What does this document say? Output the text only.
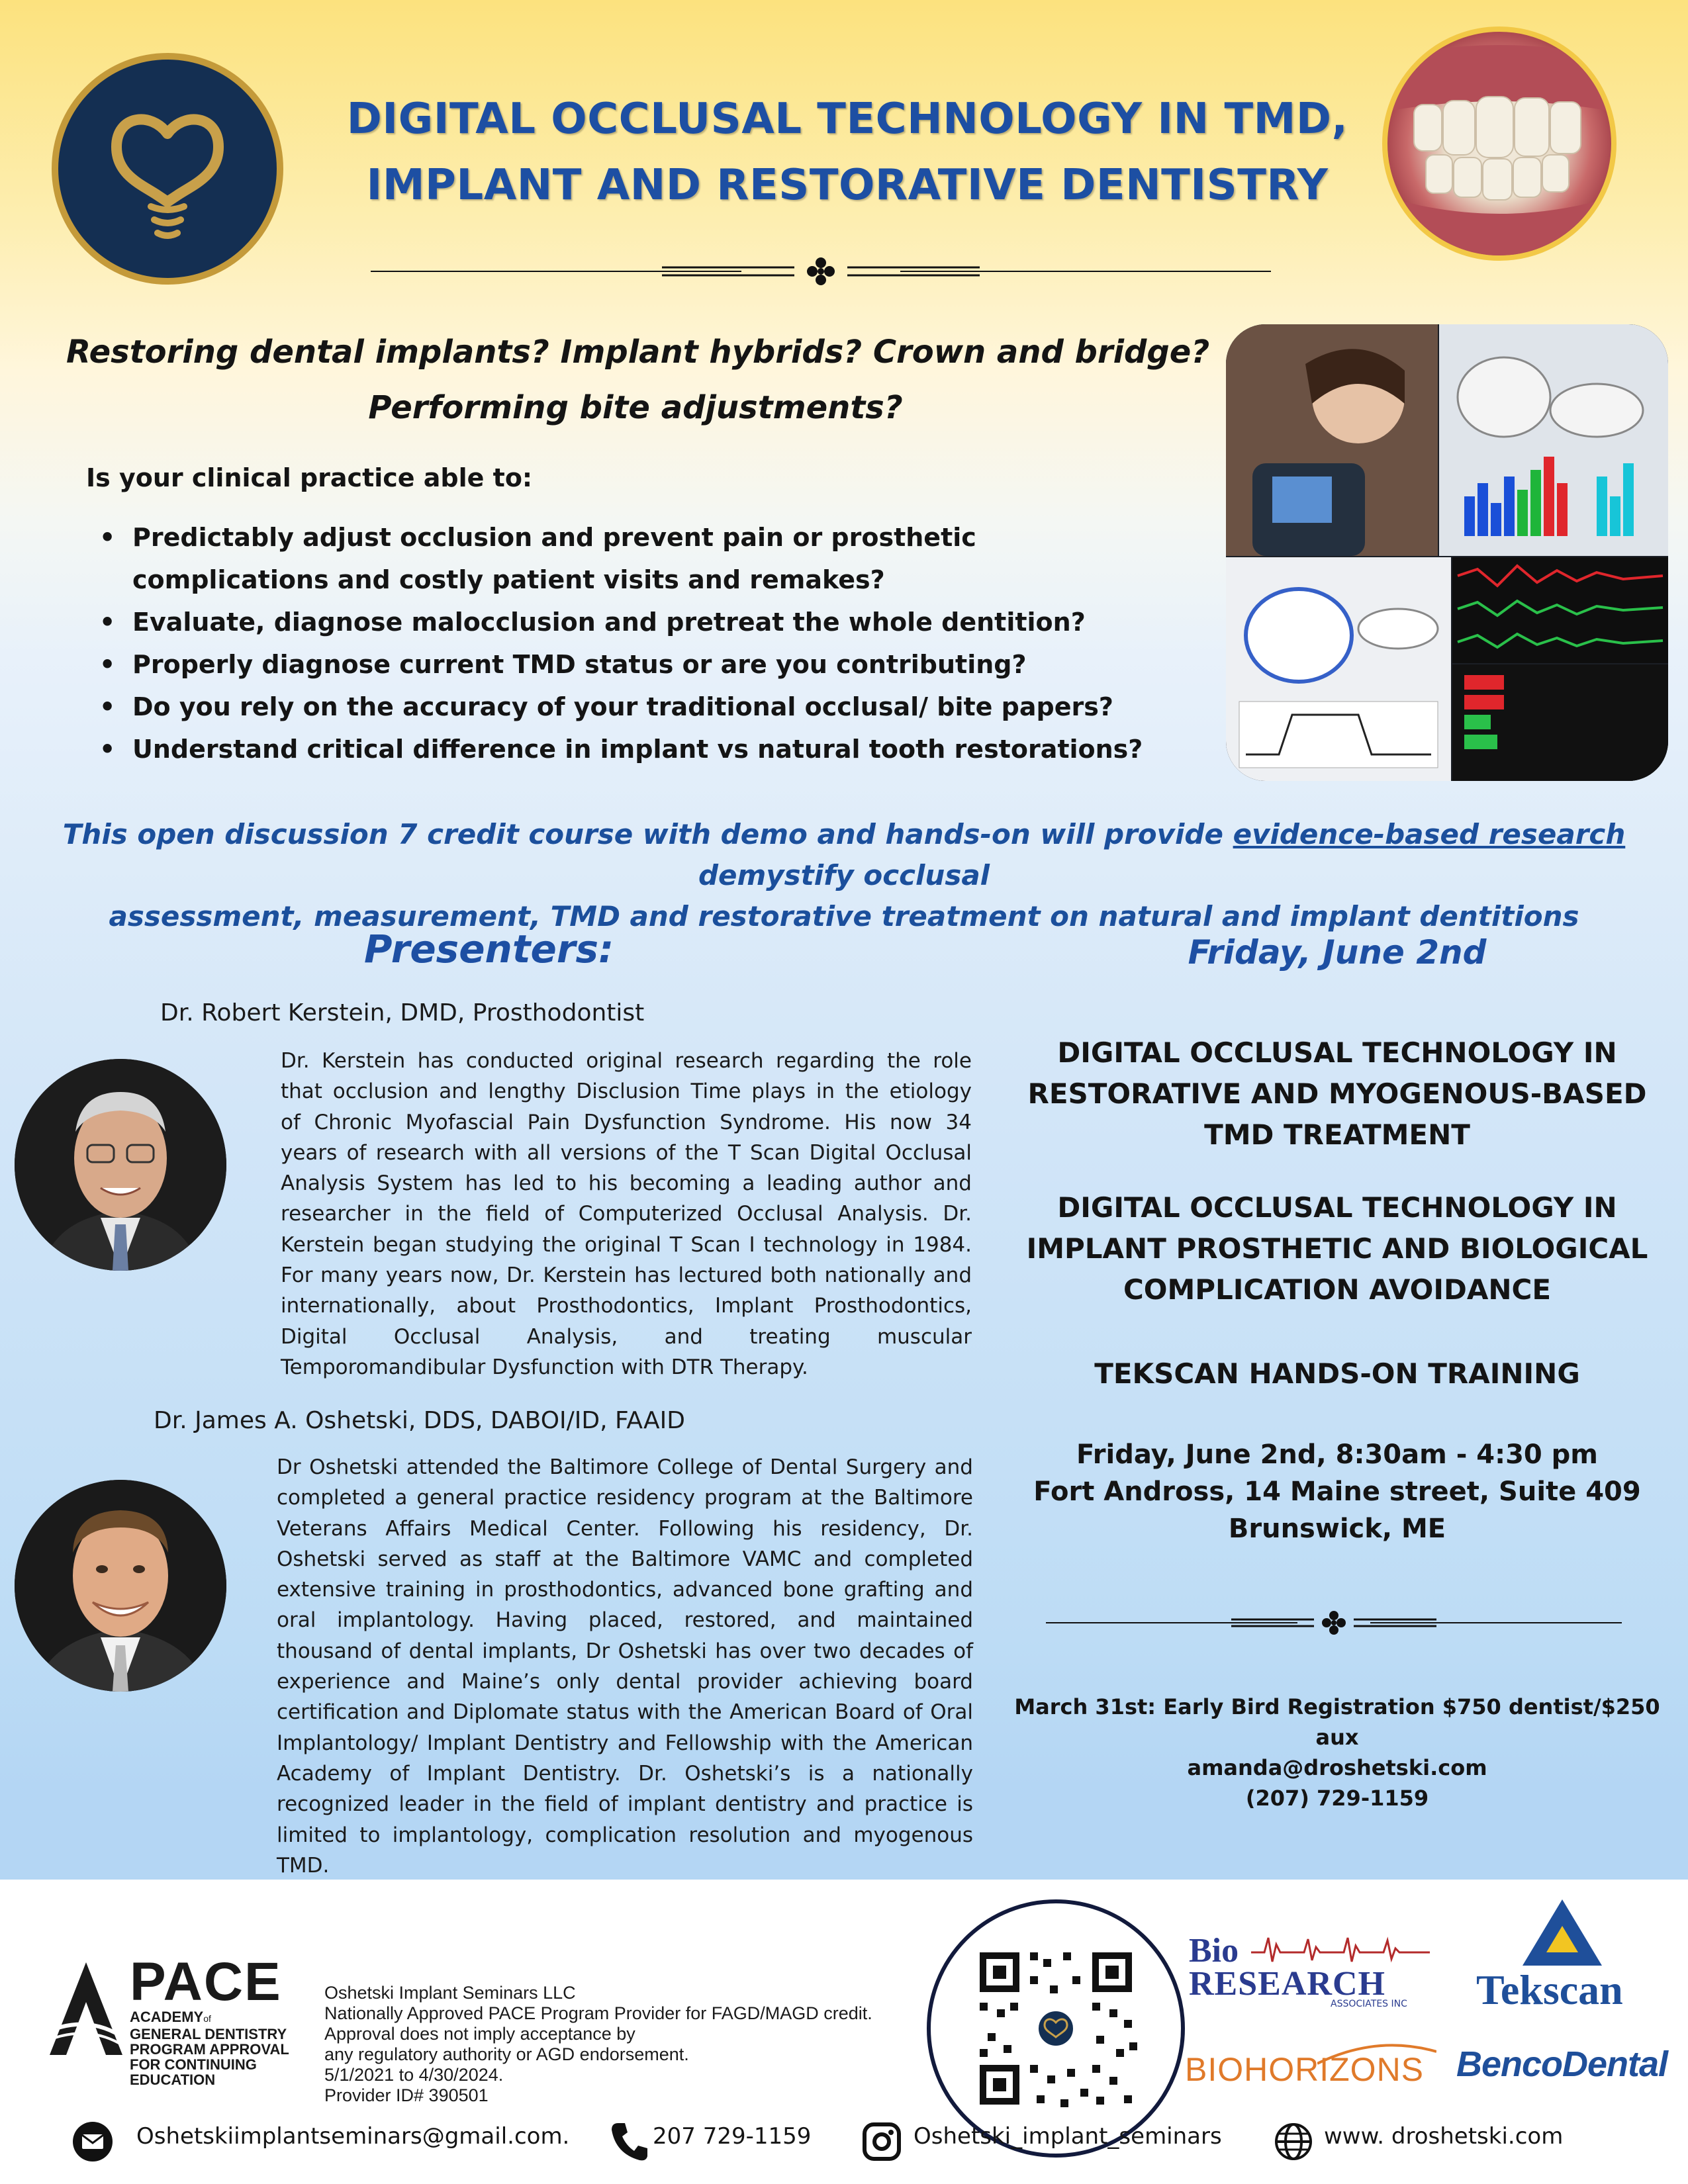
DIGITAL OCCLUSAL TECHNOLOGY IN TMD,
IMPLANT AND RESTORATIVE DENTISTRY
Restoring dental implants? Implant hybrids? Crown and bridge?
Performing bite adjustments?
Is your clinical practice able to:
• Predictably adjust occlusion and prevent pain or prosthetic complications and costly patient visits and remakes?
• Evaluate, diagnose malocclusion and pretreat the whole dentition?
• Properly diagnose current TMD status or are you contributing?
• Do you rely on the accuracy of your traditional occlusal/ bite papers?
• Understand critical difference in implant vs natural tooth restorations?
This open discussion 7 credit course with demo and hands-on will provide evidence-based research demystify occlusal
assessment, measurement, TMD and restorative treatment on natural and implant dentitions
Presenters:
Dr. Robert Kerstein, DMD, Prosthodontist
Dr. Kerstein has conducted original research regarding the role
that occlusion and lengthy Disclusion Time plays in the etiology
of Chronic Myofascial Pain Dysfunction Syndrome. His now 34
years of research with all versions of the T Scan Digital Occlusal
Analysis System has led to his becoming a leading author and
researcher in the field of Computerized Occlusal Analysis. Dr.
Kerstein began studying the original T Scan I technology in 1984.
For many years now, Dr. Kerstein has lectured both nationally and
internationally, about Prosthodontics, Implant Prosthodontics,
Digital Occlusal Analysis, and treating muscular
Temporomandibular Dysfunction with DTR Therapy.
Dr. James A. Oshetski, DDS, DABOI/ID, FAAID
Dr Oshetski attended the Baltimore College of Dental Surgery and
completed a general practice residency program at the Baltimore
Veterans Affairs Medical Center. Following his residency, Dr.
Oshetski served as staff at the Baltimore VAMC and completed
extensive training in prosthodontics, advanced bone grafting and
oral implantology. Having placed, restored, and maintained
thousand of dental implants, Dr Oshetski has over two decades of
experience and Maine’s only dental provider achieving board
certification and Diplomate status with the American Board of Oral
Implantology/ Implant Dentistry and Fellowship with the American
Academy of Implant Dentistry. Dr. Oshetski’s is a nationally
recognized leader in the field of implant dentistry and practice is
limited to implantology, complication resolution and myogenous
TMD.
Friday, June 2nd
DIGITAL OCCLUSAL TECHNOLOGY IN
RESTORATIVE AND MYOGENOUS-BASED
TMD TREATMENT
DIGITAL OCCLUSAL TECHNOLOGY IN
IMPLANT PROSTHETIC AND BIOLOGICAL
COMPLICATION AVOIDANCE
TEKSCAN HANDS-ON TRAINING
Friday, June 2nd, 8:30am - 4:30 pm
Fort Andross, 14 Maine street, Suite 409
Brunswick, ME
March 31st: Early Bird Registration $750 dentist/$250 aux
amanda@droshetski.com
(207) 729-1159
PACE
ACADEMYof
GENERAL DENTISTRY
PROGRAM APPROVAL
FOR CONTINUING
EDUCATION
Oshetski Implant Seminars LLC
Nationally Approved PACE Program Provider for FAGD/MAGD credit.
Approval does not imply acceptance by
any regulatory authority or AGD endorsement.
5/1/2021 to 4/30/2024.
Provider ID# 390501
Bio
RESEARCH
ASSOCIATES INC
BIOHORIZONS
Tekscan
BencoDental
Oshetskiimplantseminars@gmail.com.	207 729-1159	Oshetski_implant_seminars	www. droshetski.com
